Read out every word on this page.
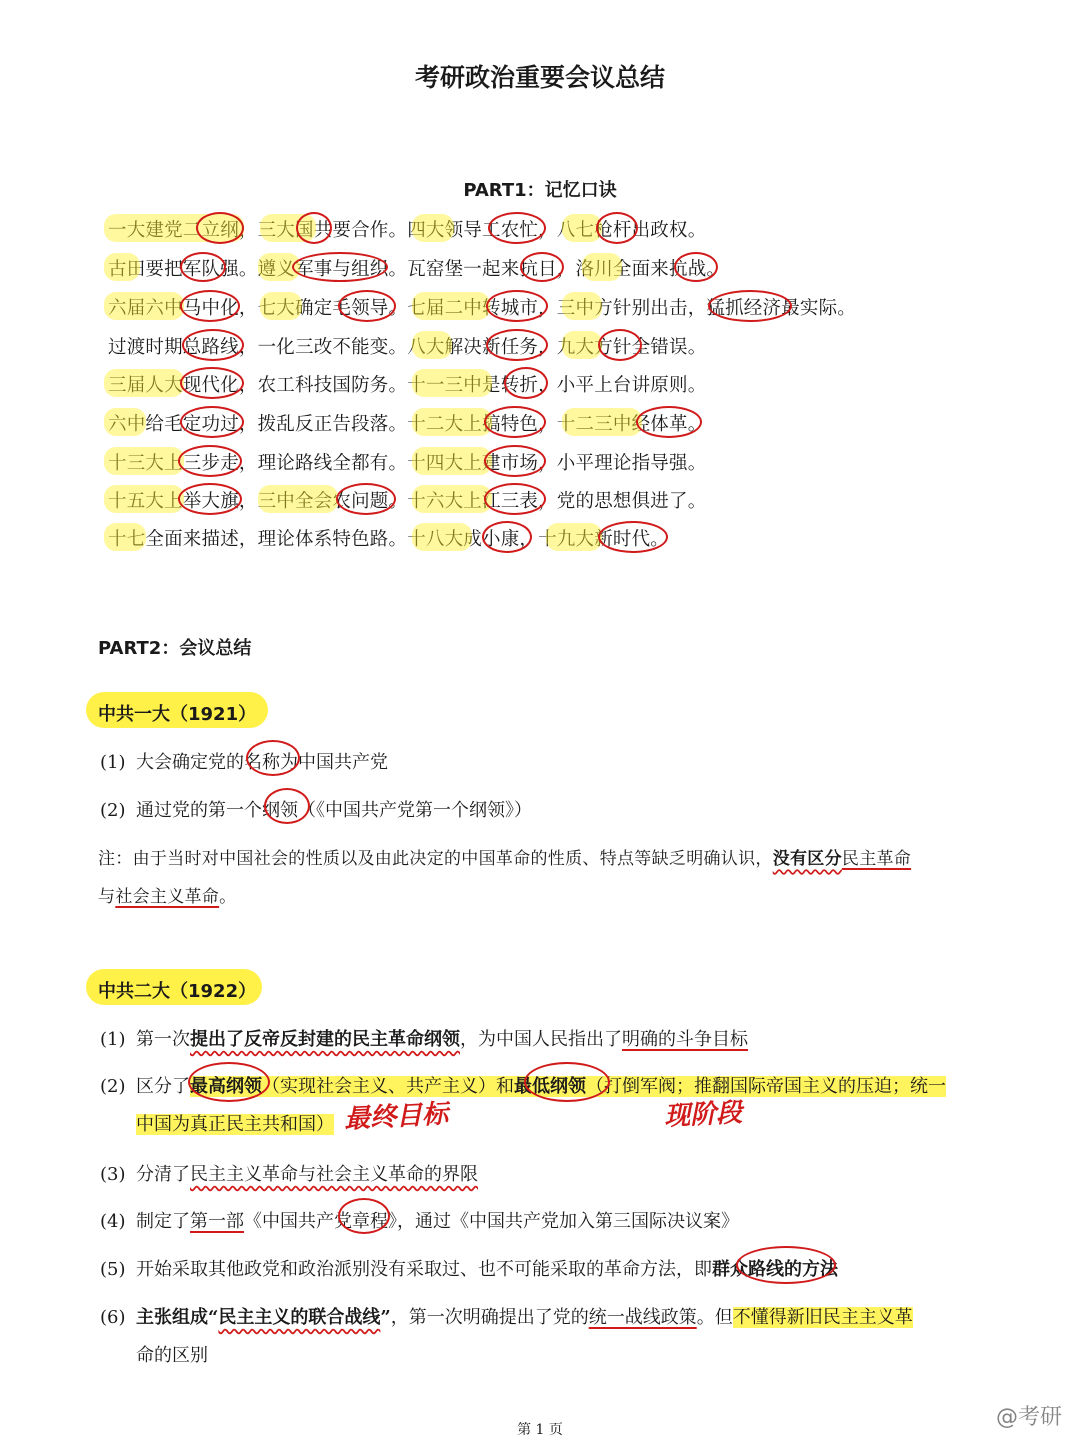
考研政治重要会议总结
PART1：记忆口诀
一大建党二立纲，三大国共要合作。四大领导工农忙，八七枪杆出政权。
古田要把军队强。遵义军事与组织。瓦窑堡一起来抗日，洛川全面来抗战。
六届六中马中化，七大确定毛领导。七届二中转城市，三中方针别出击，猛抓经济最实际。
过渡时期总路线，一化三改不能变。八大解决新任务，九大方针全错误。
三届人大现代化，农工科技国防务。十一三中是转折，小平上台讲原则。
六中给毛定功过，拨乱反正告段落。十二大上搞特色，十二三中经体革。
十三大上三步走，理论路线全都有。十四大上建市场，小平理论指导强。
十五大上举大旗，三中全会农问题。十六大上江三表，党的思想俱进了。
十七全面来描述，理论体系特色路。十八大成小康，十九大新时代。
PART2：会议总结
中共一大（1921）
(1) 大会确定党的名称为中国共产党
(2) 通过党的第一个纲领（《中国共产党第一个纲领》）
注：由于当时对中国社会的性质以及由此决定的中国革命的性质、特点等缺乏明确认识，没有区分民主革命
与社会主义革命。
中共二大（1922）
(1) 第一次提出了反帝反封建的民主革命纲领，为中国人民指出了明确的斗争目标
(2) 区分了最高纲领（实现社会主义、共产主义）和最低纲领（打倒军阀；推翻国际帝国主义的压迫；统一
中国为真正民主共和国） 最终目标	现阶段
(3) 分清了民主主义革命与社会主义革命的界限
(4) 制定了第一部《中国共产党章程》，通过《中国共产党加入第三国际决议案》
(5) 开始采取其他政党和政治派别没有采取过、也不可能采取的革命方法，即群众路线的方法
(6) 主张组成“民主主义的联合战线”，第一次明确提出了党的统一战线政策。但不懂得新旧民主主义革
命的区别
第 1 页	@考研
